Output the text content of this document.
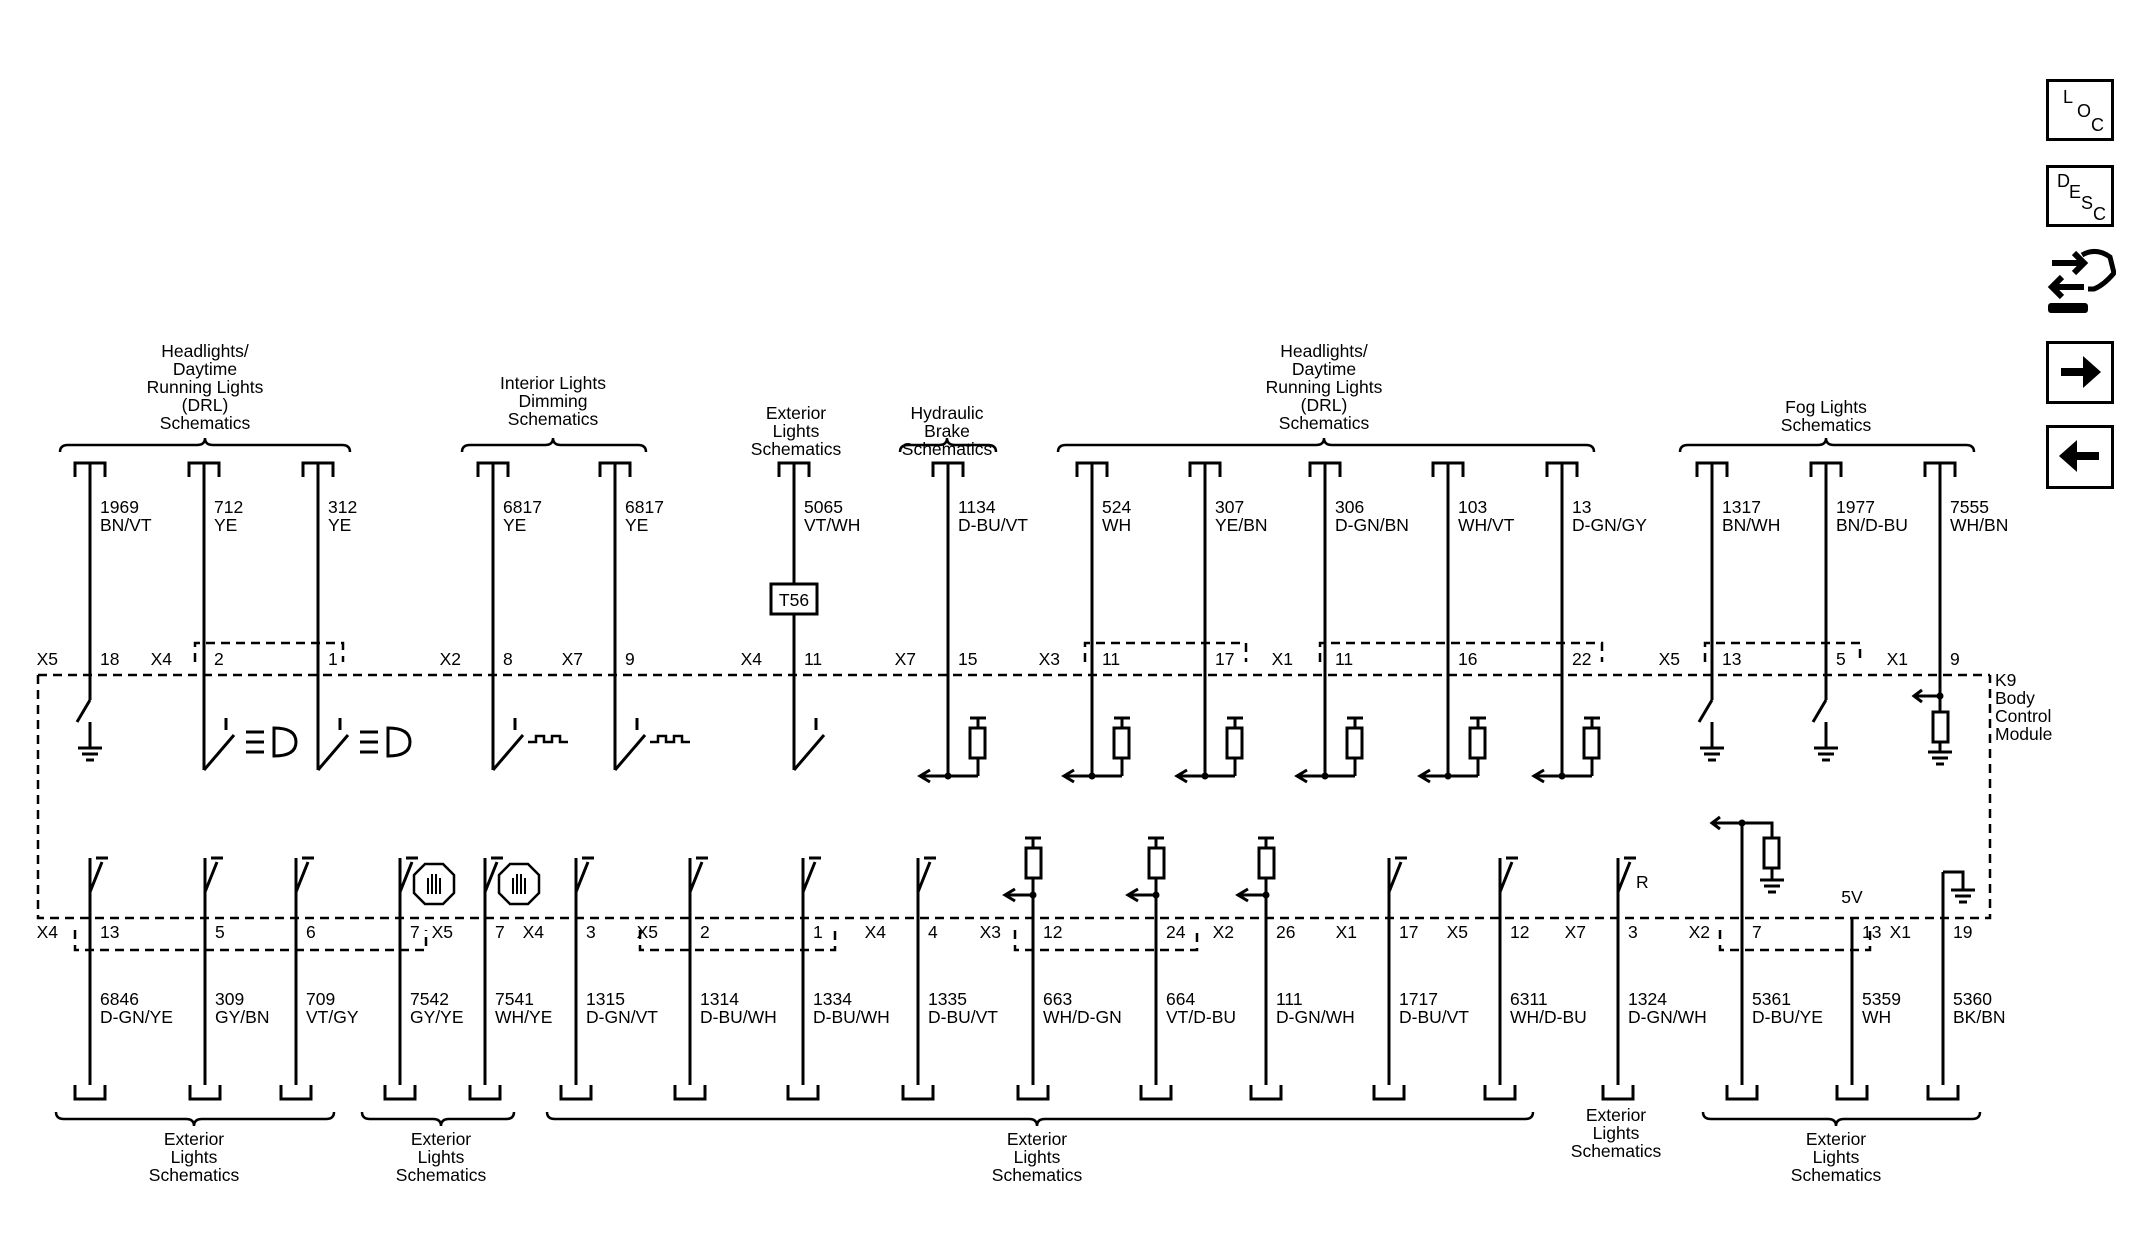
K9
Body
Control
Module
Headlights/
Daytime
Running Lights
(DRL)
Schematics
Interior Lights
Dimming
Schematics	Exterior
Lights
Schematics
Hydraulic
Brake
Schematics
Headlights/
Daytime
Running Lights
(DRL)
Schematics
Fog Lights
Schematics
1969
BN/VT
X5 18
712
YE
X4 2
312
YE
1
6817
YE
X2 8
6817
YE
X7 9
5065
VT/WH
X4 11
T56
1134
D-BU/VT
X7 15
524
WH
X3 11
307
YE/BN
17
306
D-GN/BN
X1 11
103
WH/VT
16
13
D-GN/GY
22
1317
BN/WH
X5 13
1977
BN/D-BU
5
7555
WH/BN
X1 9
6846
D-GN/YE
X4 13
309
GY/BN
5
709
VT/GY
6
7542
GY/YE
7
7541
WH/YE
X5 7
1315
D-GN/VT
X4 3
1314
D-BU/WH
X5 2
1334
D-BU/WH
1
1335
D-BU/VT
X4 4
663
WH/D-GN
X3 12
664
VT/D-BU
24
111
D-GN/WH
X2 26
1717
D-BU/VT
X1 17
6311
WH/D-BU
X5 12
1324
D-GN/WH
X7 3
R
5361
D-BU/YE
X2 7
5359
WH
13
5V
5360
BK/BN
X1 19
Exterior
Lights
Schematics
Exterior
Lights
Schematics
Exterior
Lights
Schematics
Exterior
Lights
Schematics
Exterior
Lights
Schematics
L
O
C
D
E
S
C
